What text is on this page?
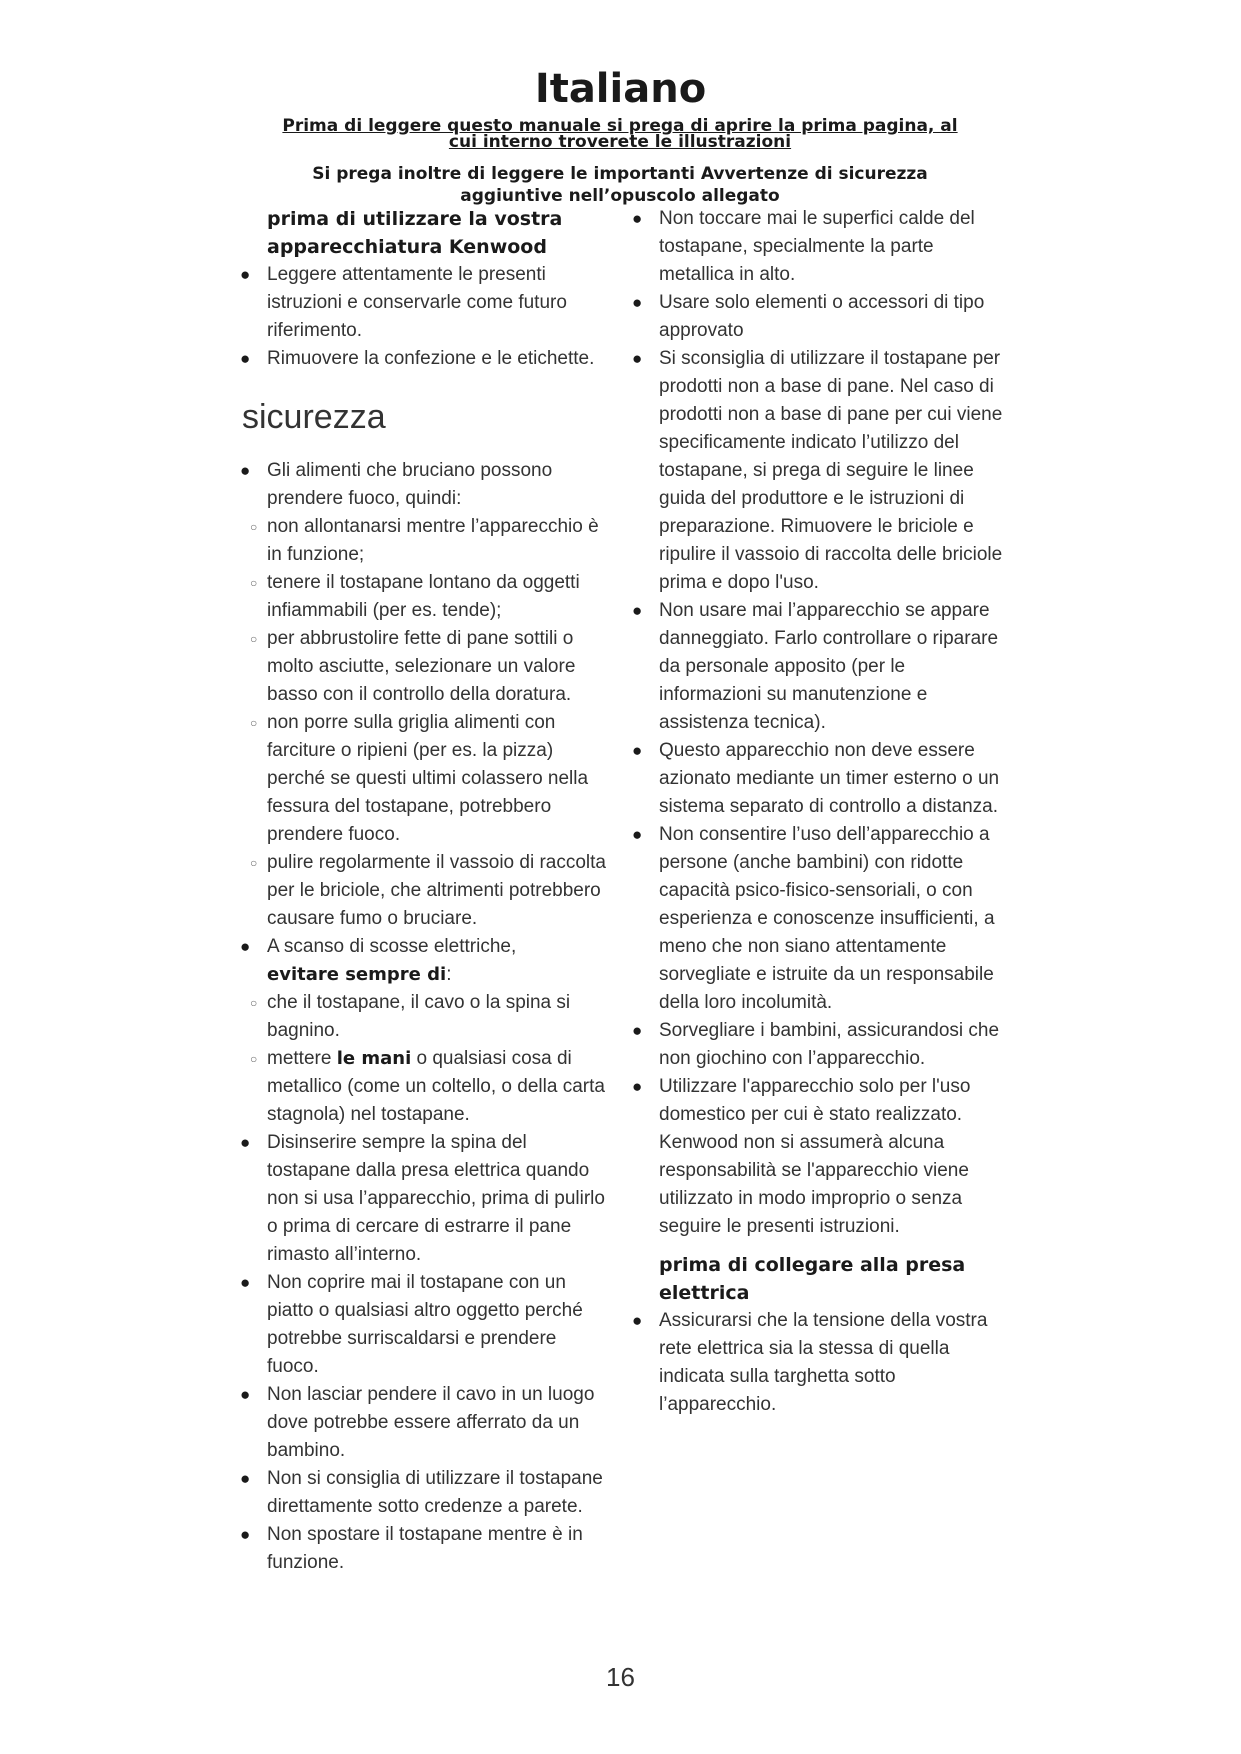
Italiano
Prima di leggere questo manuale si prega di aprire la prima pagina, al
cui interno troverete le illustrazioni
Si prega inoltre di leggere le importanti Avvertenze di sicurezza
aggiuntive nell’opuscolo allegato
prima di utilizzare la vostra
apparecchiatura Kenwood
● Leggere attentamente le presenti istruzioni e conservarle come futuro riferimento.
● Rimuovere la confezione e le etichette.
sicurezza
● Gli alimenti che bruciano possono prendere fuoco, quindi:
○ non allontanarsi mentre l’apparecchio è in funzione;
○ tenere il tostapane lontano da oggetti infiammabili (per es. tende);
○ per abbrustolire fette di pane sottili o molto asciutte, selezionare un valore basso con il controllo della doratura.
○ non porre sulla griglia alimenti con farciture o ripieni (per es. la pizza) perché se questi ultimi colassero nella fessura del tostapane, potrebbero prendere fuoco.
○ pulire regolarmente il vassoio di raccolta per le briciole, che altrimenti potrebbero causare fumo o bruciare.
● A scanso di scosse elettriche,
evitare sempre di:
○ che il tostapane, il cavo o la spina si bagnino.
○ mettere le mani o qualsiasi cosa di metallico (come un coltello, o della carta stagnola) nel tostapane.
● Disinserire sempre la spina del tostapane dalla presa elettrica quando non si usa l’apparecchio, prima di pulirlo o prima di cercare di estrarre il pane rimasto all’interno.
● Non coprire mai il tostapane con un piatto o qualsiasi altro oggetto perché potrebbe surriscaldarsi e prendere fuoco.
● Non lasciar pendere il cavo in un luogo dove potrebbe essere afferrato da un bambino.
● Non si consiglia di utilizzare il tostapane direttamente sotto credenze a parete.
● Non spostare il tostapane mentre è in funzione.
● Non toccare mai le superfici calde del tostapane, specialmente la parte metallica in alto.
● Usare solo elementi o accessori di tipo approvato
● Si sconsiglia di utilizzare il tostapane per prodotti non a base di pane. Nel caso di prodotti non a base di pane per cui viene specificamente indicato l’utilizzo del tostapane, si prega di seguire le linee guida del produttore e le istruzioni di preparazione. Rimuovere le briciole e ripulire il vassoio di raccolta delle briciole prima e dopo l'uso.
● Non usare mai l’apparecchio se appare danneggiato. Farlo controllare o riparare da personale apposito (per le informazioni su manutenzione e assistenza tecnica).
● Questo apparecchio non deve essere azionato mediante un timer esterno o un sistema separato di controllo a distanza.
● Non consentire l’uso dell’apparecchio a persone (anche bambini) con ridotte capacità psico-fisico-sensoriali, o con esperienza e conoscenze insufficienti, a meno che non siano attentamente sorvegliate e istruite da un responsabile della loro incolumità.
● Sorvegliare i bambini, assicurandosi che non giochino con l’apparecchio.
● Utilizzare l'apparecchio solo per l'uso domestico per cui è stato realizzato. Kenwood non si assumerà alcuna responsabilità se l'apparecchio viene utilizzato in modo improprio o senza seguire le presenti istruzioni.
prima di collegare alla presa
elettrica
● Assicurarsi che la tensione della vostra rete elettrica sia la stessa di quella indicata sulla targhetta sotto l’apparecchio.
16
